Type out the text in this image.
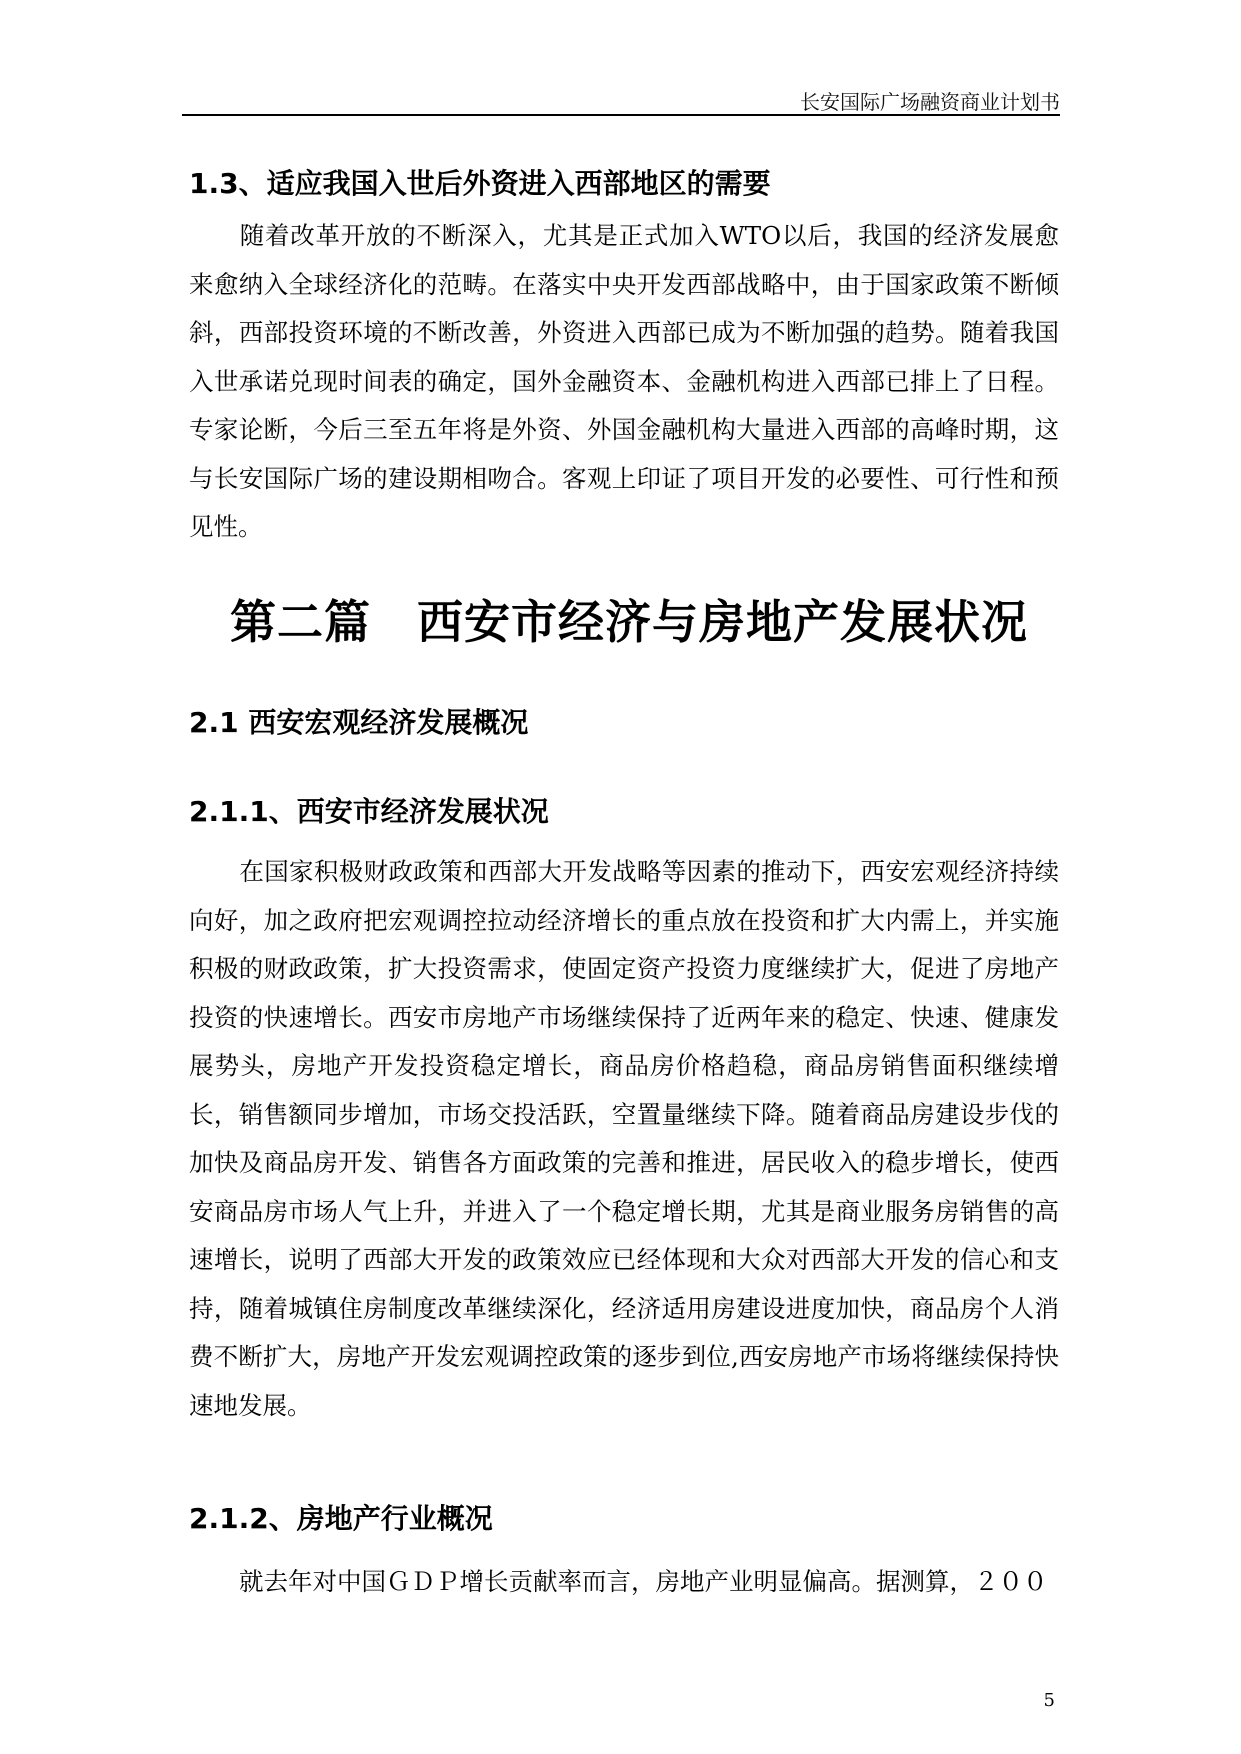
长安国际广场融资商业计划书
1.3、适应我国入世后外资进入西部地区的需要
随着改革开放的不断深入，尤其是正式加入WTO以后，我国的经济发展愈来愈纳入全球经济化的范畴。在落实中央开发西部战略中，由于国家政策不断倾斜，西部投资环境的不断改善，外资进入西部已成为不断加强的趋势。随着我国入世承诺兑现时间表的确定，国外金融资本、金融机构进入西部已排上了日程。专家论断，今后三至五年将是外资、外国金融机构大量进入西部的高峰时期，这与长安国际广场的建设期相吻合。客观上印证了项目开发的必要性、可行性和预见性。
第二篇 西安市经济与房地产发展状况
2.1 西安宏观经济发展概况
2.1.1、西安市经济发展状况
在国家积极财政政策和西部大开发战略等因素的推动下，西安宏观经济持续向好，加之政府把宏观调控拉动经济增长的重点放在投资和扩大内需上，并实施积极的财政政策，扩大投资需求，使固定资产投资力度继续扩大，促进了房地产投资的快速增长。西安市房地产市场继续保持了近两年来的稳定、快速、健康发展势头，房地产开发投资稳定增长，商品房价格趋稳，商品房销售面积继续增长，销售额同步增加，市场交投活跃，空置量继续下降。随着商品房建设步伐的加快及商品房开发、销售各方面政策的完善和推进，居民收入的稳步增长，使西安商品房市场人气上升，并进入了一个稳定增长期，尤其是商业服务房销售的高速增长，说明了西部大开发的政策效应已经体现和大众对西部大开发的信心和支持，随着城镇住房制度改革继续深化，经济适用房建设进度加快，商品房个人消费不断扩大，房地产开发宏观调控政策的逐步到位,西安房地产市场将继续保持快速地发展。
2.1.2、房地产行业概况
就去年对中国ＧＤＰ增长贡献率而言，房地产业明显偏高。据测算，２００
5
